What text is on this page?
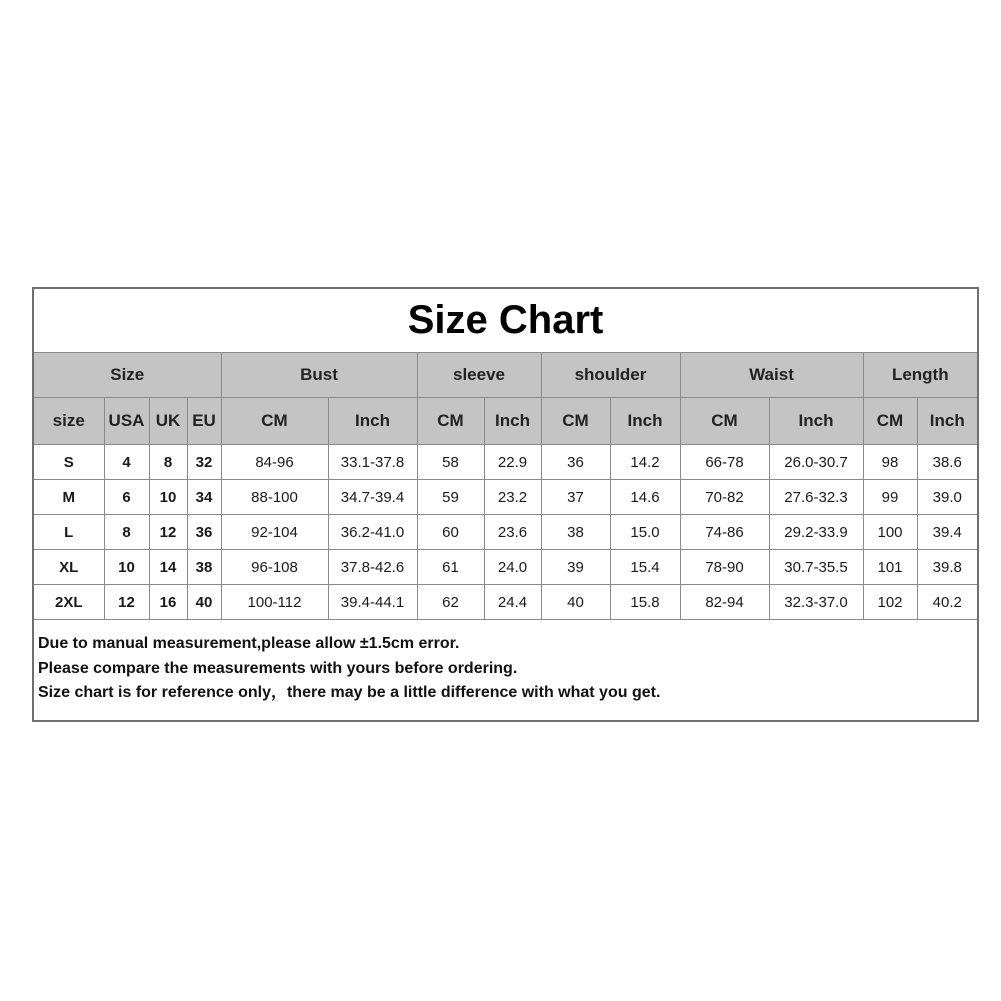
Size Chart													
Size				Bust		sleeve		shoulder		Waist		Length	
size	USA	UK	EU	CM	Inch	CM	Inch	CM	Inch	CM	Inch	CM	Inch
S	4	8	32	84-96	33.1-37.8	58	22.9	36	14.2	66-78	26.0-30.7	98	38.6
M	6	10	34	88-100	34.7-39.4	59	23.2	37	14.6	70-82	27.6-32.3	99	39.0
L	8	12	36	92-104	36.2-41.0	60	23.6	38	15.0	74-86	29.2-33.9	100	39.4
XL	10	14	38	96-108	37.8-42.6	61	24.0	39	15.4	78-90	30.7-35.5	101	39.8
2XL	12	16	40	100-112	39.4-44.1	62	24.4	40	15.8	82-94	32.3-37.0	102	40.2
Due to manual measurement,please allow ±1.5cm error.
Please compare the measurements with yours before ordering.
Size chart is for reference only，there may be a little difference with what you get.
